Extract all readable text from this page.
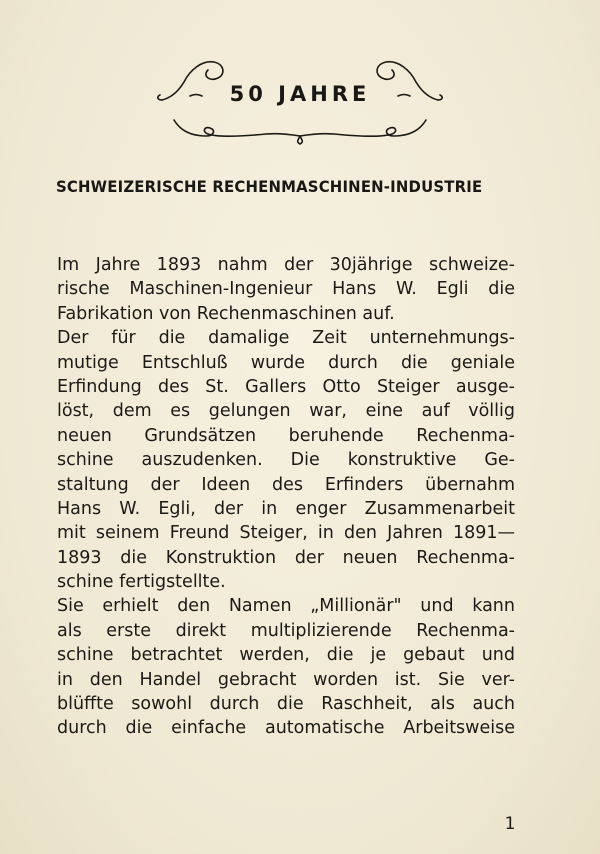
50 JAHRE
SCHWEIZERISCHE RECHENMASCHINEN-INDUSTRIE
Im Jahre 1893 nahm der 30jährige schweize-
rische Maschinen-Ingenieur Hans W. Egli die
Fabrikation von Rechenmaschinen auf.
Der für die damalige Zeit unternehmungs-
mutige Entschluß wurde durch die geniale
Erfindung des St. Gallers Otto Steiger ausge-
löst, dem es gelungen war, eine auf völlig
neuen Grundsätzen beruhende Rechenma-
schine auszudenken. Die konstruktive Ge-
staltung der Ideen des Erfinders übernahm
Hans W. Egli, der in enger Zusammenarbeit
mit seinem Freund Steiger, in den Jahren 1891—
1893 die Konstruktion der neuen Rechenma-
schine fertigstellte.
Sie erhielt den Namen „Millionär" und kann
als erste direkt multiplizierende Rechenma-
schine betrachtet werden, die je gebaut und
in den Handel gebracht worden ist. Sie ver-
blüffte sowohl durch die Raschheit, als auch
durch die einfache automatische Arbeitsweise
1
